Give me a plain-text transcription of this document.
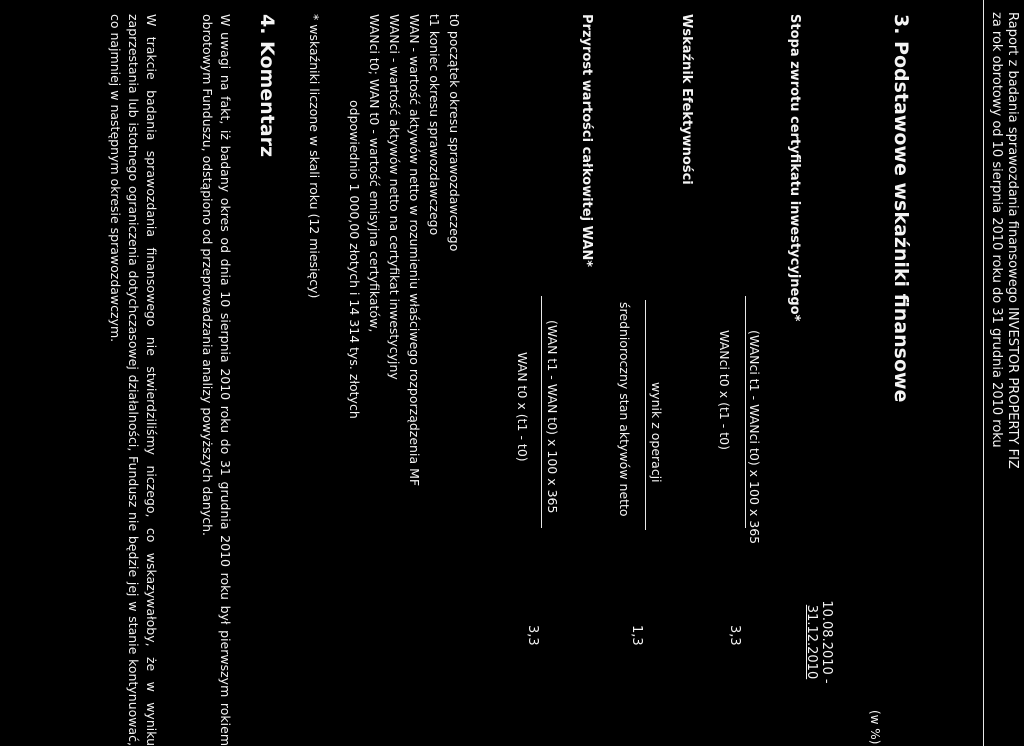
Raport z badania sprawozdania finansowego INVESTOR PROPERTY FIZ
za rok obrotowy od 10 sierpnia 2010 roku do 31 grudnia 2010 roku
3. Podstawowe wskaźniki finansowe
(w %)
10.08.2010 -
31.12.2010
Stopa zwrotu certyfikatu inwestycyjnego*
(WANci t1 - WANci t0) x 100 x 365
WANci t0 x (t1 - t0)
3,3
Wskaźnik Efektywności
wynik z operacji
średnioroczny stan aktywów netto
1,3
Przyrost wartości całkowitej WAN*
(WAN t1 - WAN t0) x 100 x 365
WAN t0 x (t1 - t0)
3,3
t0 początek okresu sprawozdawczego
t1 koniec okresu sprawozdawczego
WAN - wartość aktywów netto w rozumieniu właściwego rozporządzenia MF
WANci - wartość aktywów netto na certyfikat inwestycyjny
WANci t0; WAN t0 - wartość emisyjna certyfikatów,
odpowiednio 1 000,00 złotych i 14 314 tys. złotych
* wskaźniki liczone w skali roku (12 miesięcy)
4. Komentarz
W uwagi na fakt, iż badany okres od dnia 10 sierpnia 2010 roku do 31 grudnia 2010 roku był pierwszym rokiem obrotowym Funduszu, odstąpiono od przeprowadzania analizy powyższych danych.
W trakcie badania sprawozdania finansowego nie stwierdziliśmy niczego, co wskazywałoby, że w wyniku zaprzestania lub istotnego ograniczenia dotychczasowej działalności, Fundusz nie będzie jej w stanie kontynuować, co najmniej w następnym okresie sprawozdawczym.
